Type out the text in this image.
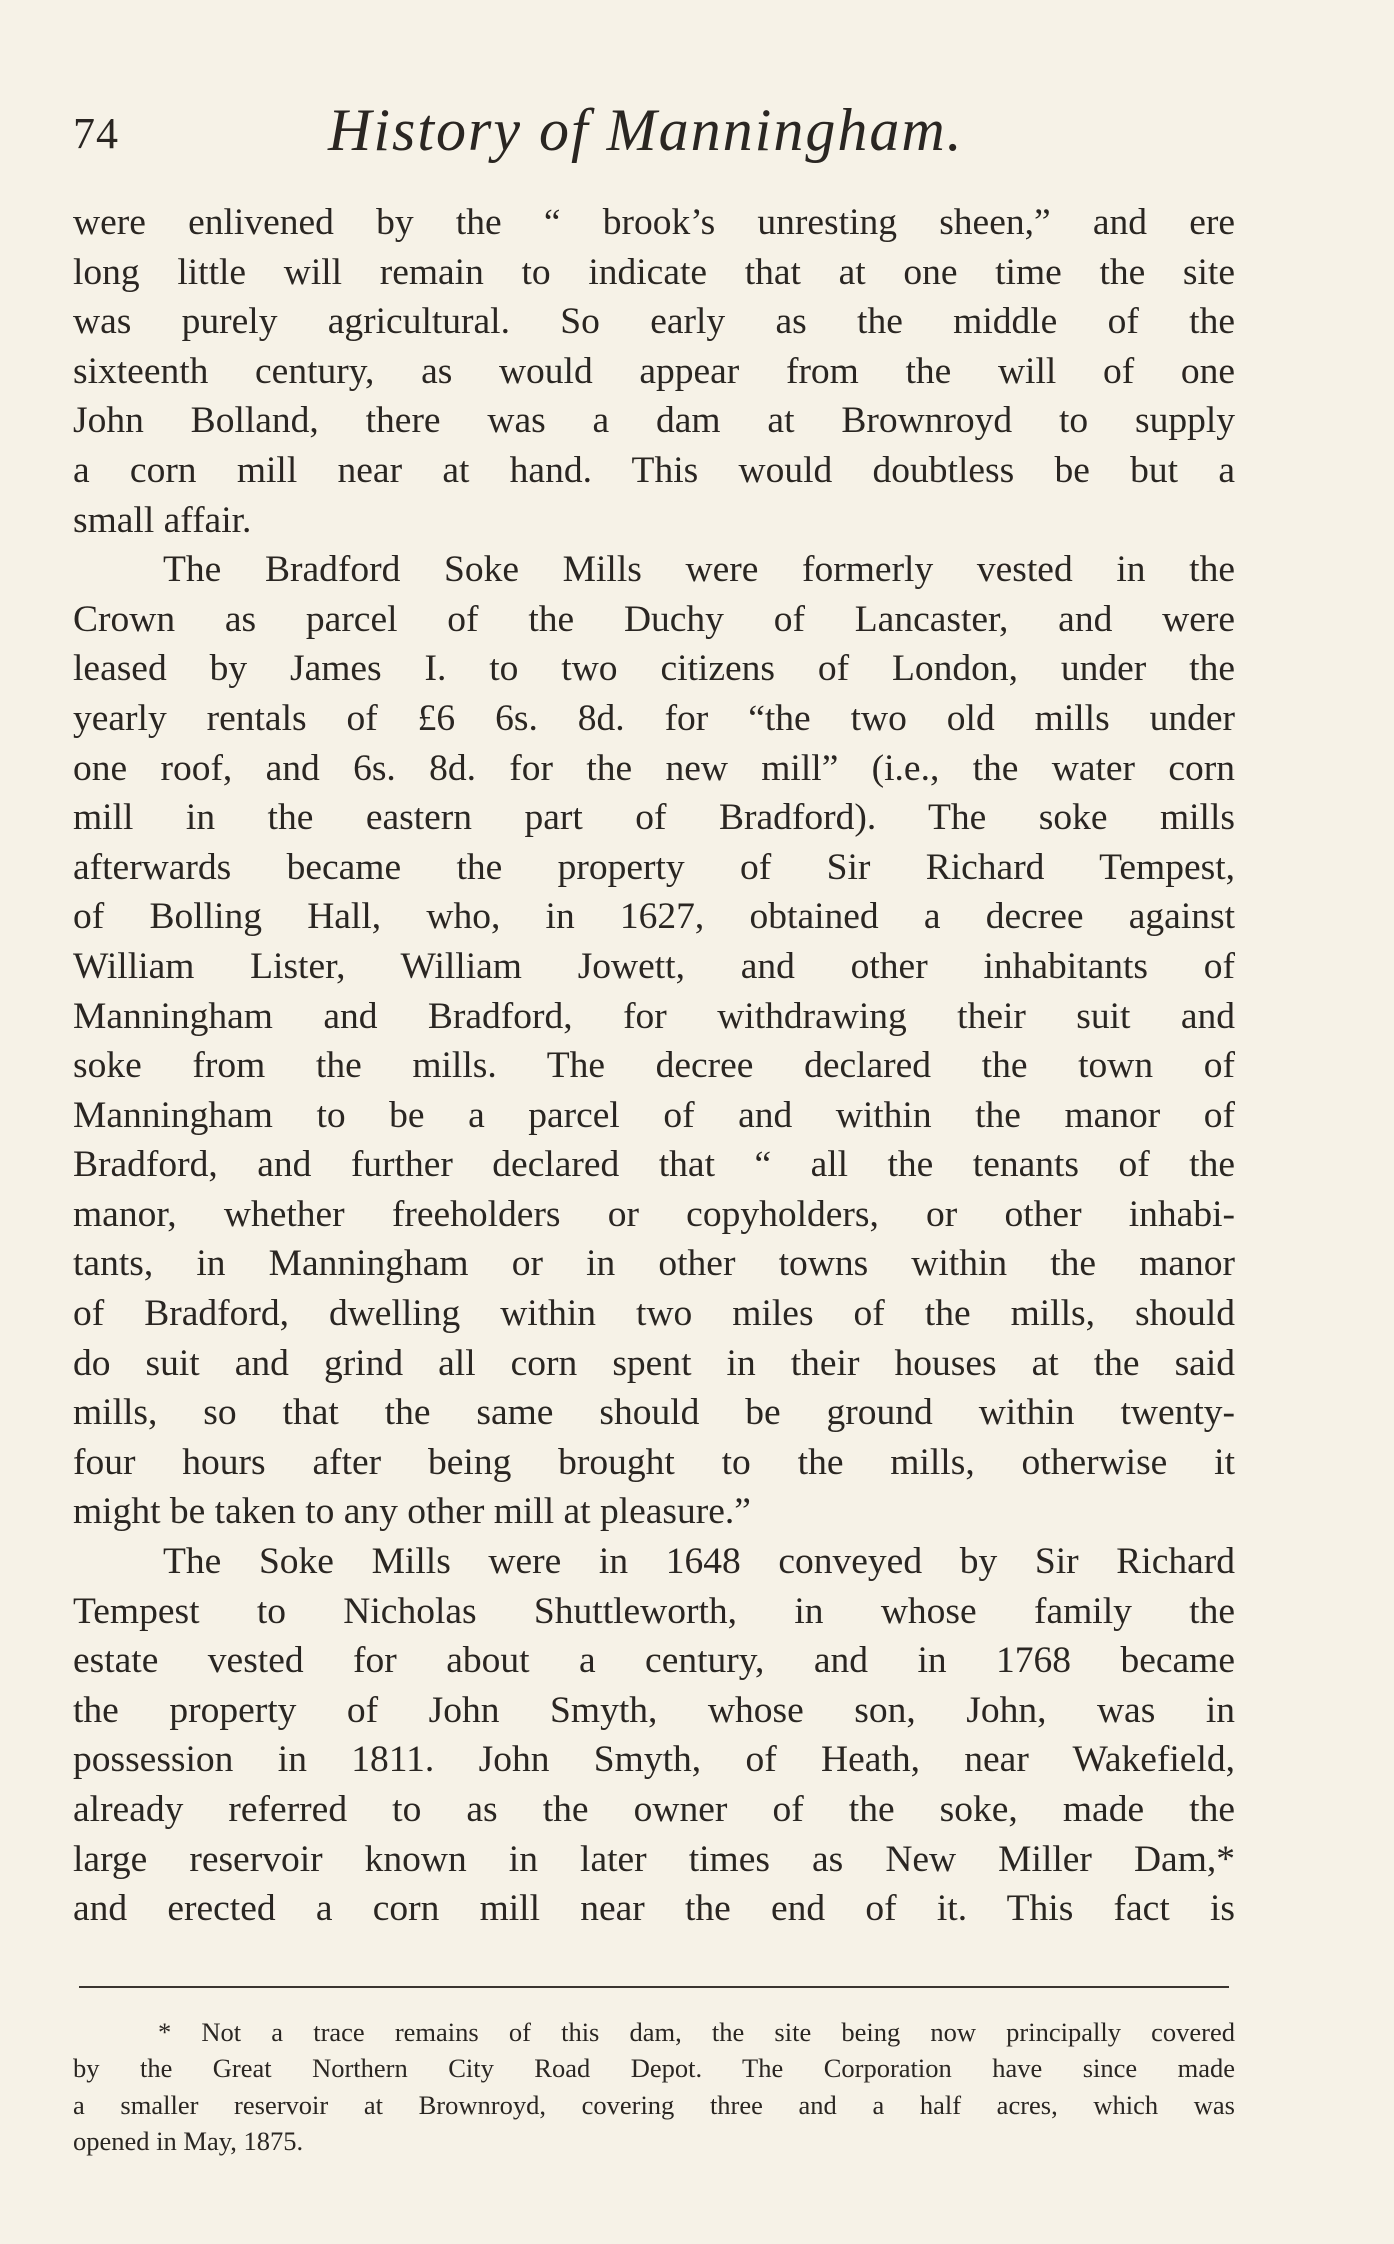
74	History of Manningham.
were enlivened by the “ brook’s unresting sheen,” and ere
long little will remain to indicate that at one time the site
was purely agricultural. So early as the middle of the
sixteenth century, as would appear from the will of one
John Bolland, there was a dam at Brownroyd to supply
a corn mill near at hand. This would doubtless be but a
small affair.
The Bradford Soke Mills were formerly vested in the
Crown as parcel of the Duchy of Lancaster, and were
leased by James I. to two citizens of London, under the
yearly rentals of £6 6s. 8d. for “the two old mills under
one roof, and 6s. 8d. for the new mill” (i.e., the water corn
mill in the eastern part of Bradford). The soke mills
afterwards became the property of Sir Richard Tempest,
of Bolling Hall, who, in 1627, obtained a decree against
William Lister, William Jowett, and other inhabitants of
Manningham and Bradford, for withdrawing their suit and
soke from the mills. The decree declared the town of
Manningham to be a parcel of and within the manor of
Bradford, and further declared that “ all the tenants of the
manor, whether freeholders or copyholders, or other inhabi-
tants, in Manningham or in other towns within the manor
of Bradford, dwelling within two miles of the mills, should
do suit and grind all corn spent in their houses at the said
mills, so that the same should be ground within twenty-
four hours after being brought to the mills, otherwise it
might be taken to any other mill at pleasure.”
The Soke Mills were in 1648 conveyed by Sir Richard
Tempest to Nicholas Shuttleworth, in whose family the
estate vested for about a century, and in 1768 became
the property of John Smyth, whose son, John, was in
possession in 1811. John Smyth, of Heath, near Wakefield,
already referred to as the owner of the soke, made the
large reservoir known in later times as New Miller Dam,*
and erected a corn mill near the end of it. This fact is
* Not a trace remains of this dam, the site being now principally covered
by the Great Northern City Road Depot. The Corporation have since made
a smaller reservoir at Brownroyd, covering three and a half acres, which was
opened in May, 1875.
